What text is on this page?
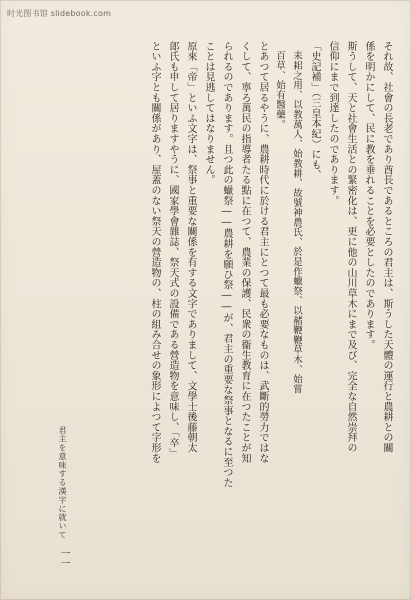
时光图书馆 slidebook.com
それ故、社會の長老であり酋長であるところの君主は、斯うした天體の運行と農耕との關
係を明かにして、民に教を垂れることを必要としたのであります。
斯うして、天と社會生活との緊密化は、更に他の山川草木にまで及び、完全な自然崇拜の
信仰にまで到達したのであります。
「史記補」（三皇本紀）にも、
　耒耜之用、以教萬人、始教耕、故號神農氏、於是作蠟祭、以赭鞭鞭草木、始嘗
　百草、始有醫藥。
とあつて居るやうに、農耕時代に於ける君主にとつて最も必要なものは、武斷的勞力ではな
くして、寧ろ萬民の指導者たる點に在つて、農業の保護、民衆の衞生教育に在つたことが知
られるのであります。且つ此の蠟祭――農耕を願ひ祭――が、君主の重要な祭事となるに至つた
ことは見逃してはなりません。
原來「帝」といふ文字は、祭事と重要な關係を有する文字でありまして、文學士後藤朝太
郎氏も申して居りますやうに、國家學會雜誌、祭天式の設備である營造物を意味し、「卒」
といふ字とも關係があり、屋蓋のない祭天の營造物の、柱の組み合せの象形によつて字形を
君主を意味する漢字に就いて
一一
